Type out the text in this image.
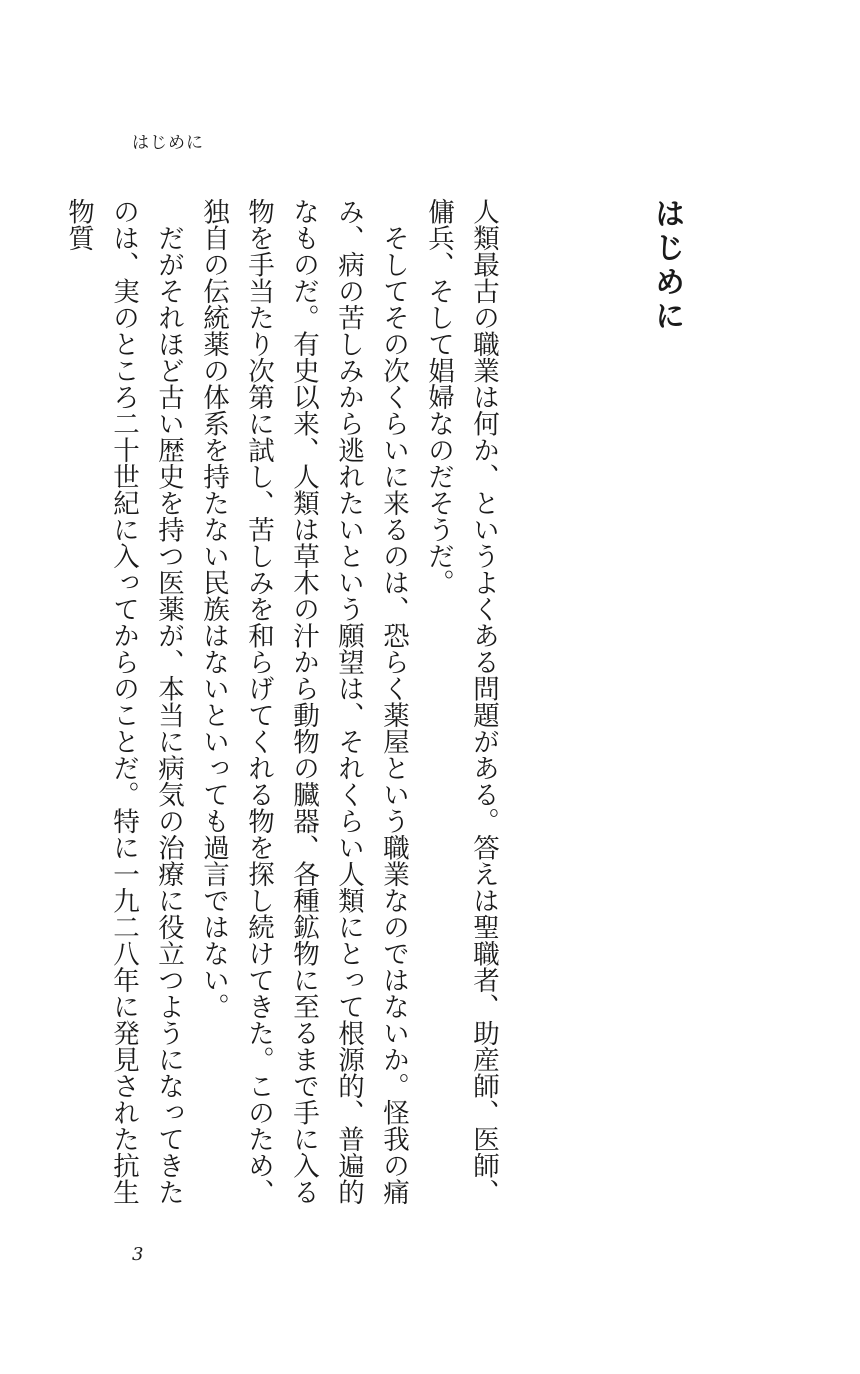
はじめに
はじめに

人類最古の職業は何か、というよくある問題がある。答えは聖職者、助産師、医師、傭兵、そして娼婦なのだそうだ。

　そしてその次くらいに来るのは、恐らく薬屋という職業なのではないか。怪我の痛み、病の苦しみから逃れたいという願望は、それくらい人類にとって根源的、普遍的なものだ。有史以来、人類は草木の汁から動物の臓器、各種鉱物に至るまで手に入る物を手当たり次第に試し、苦しみを和らげてくれる物を探し続けてきた。このため、独自の伝統薬の体系を持たない民族はないといっても過言ではない。

　だがそれほど古い歴史を持つ医薬が、本当に病気の治療に役立つようになってきたのは、実のところ二十世紀に入ってからのことだ。特に一九二八年に発見された抗生物質

3
